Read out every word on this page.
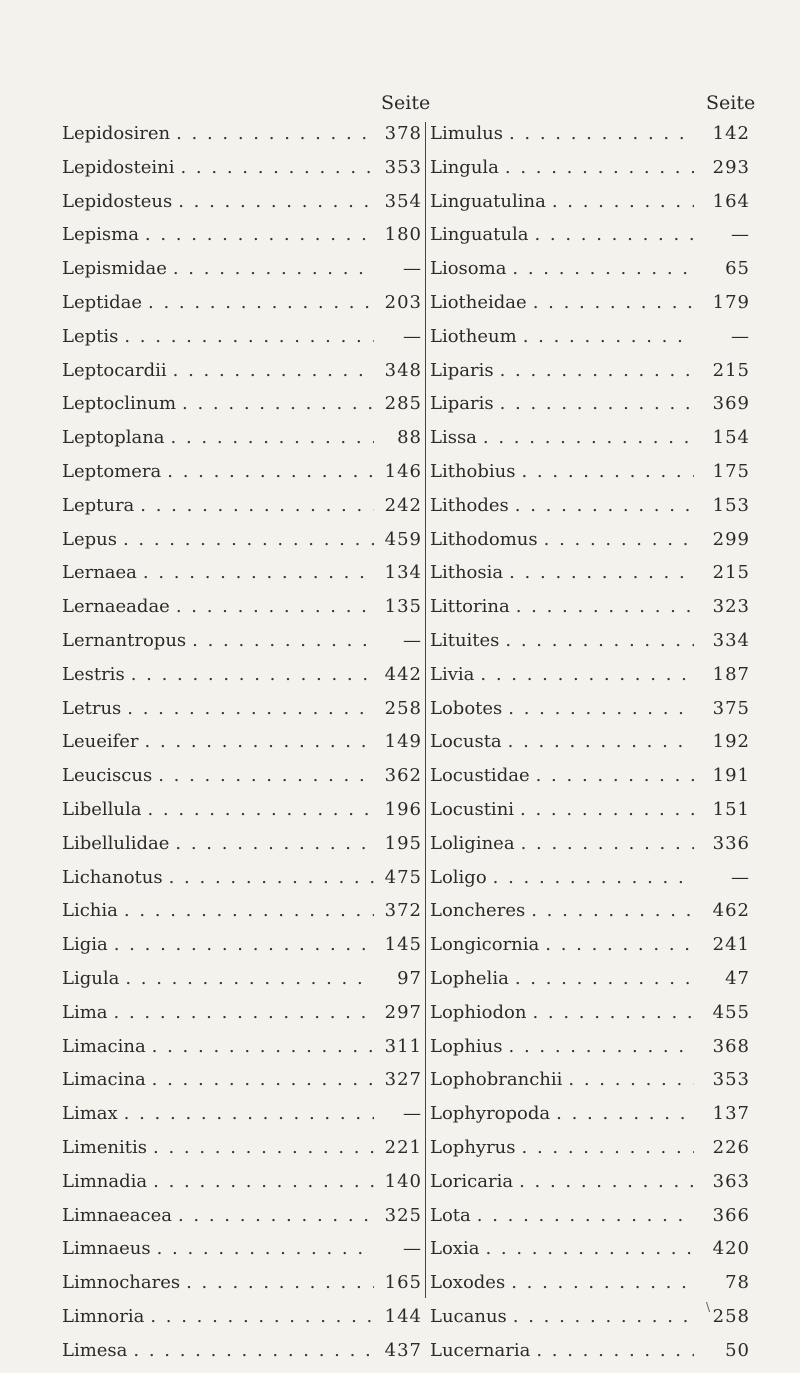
Seite	Seite
Lepidosiren . . .	378
Lepidosteini . . .	353
Lepidosteus . . .	354
Lepisma . . .	180
Lepismidae . . .	—
Leptidae . . .	203
Leptis . . .	—
Leptocardii . . .	348
Leptoclinum . . .	285
Leptoplana . . .	88
Leptomera . . .	146
Leptura . . .	242
Lepus . . .	459
Lernaea . . .	134
Lernaeadae . . .	135
Lernantropus . . .	—
Lestris . . .	442
Letrus . . .	258
Leueifer . . .	149
Leuciscus . . .	362
Libellula . . .	196
Libellulidae . . .	195
Lichanotus . . .	475
Lichia . . .	372
Ligia . . .	145
Ligula . . .	97
Lima . . .	297
Limacina . . .	311
Limacina . . .	327
Limax . . .	—
Limenitis . . .	221
Limnadia . . .	140
Limnaeacea . . .	325
Limnaeus . . .	—
Limnochares . . .	165
Limnoria . . .	144
Limesa . . .	437
Limulus . . .	142
Lingula . . .	293
Linguatulina . . .	164
Linguatula . . .	—
Liosoma . . .	65
Liotheidae . . .	179
Liotheum . . .	—
Liparis . . .	215
Liparis . . .	369
Lissa . . .	154
Lithobius . . .	175
Lithodes . . .	153
Lithodomus . . .	299
Lithosia . . .	215
Littorina . . .	323
Lituites . . .	334
Livia . . .	187
Lobotes . . .	375
Locusta . . .	192
Locustidae . . .	191
Locustini . . .	151
Loliginea . . .	336
Loligo . . .	—
Loncheres . . .	462
Longicornia . . .	241
Lophelia . . .	47
Lophiodon . . .	455
Lophius . . .	368
Lophobranchii . . .	353
Lophyropoda . . .	137
Lophyrus . . .	226
Loricaria . . .	363
Lota . . .	366
Loxia . . .	420
Loxodes . . .	78
Lucanus . . .	258
Lucernaria . . .	50
\
